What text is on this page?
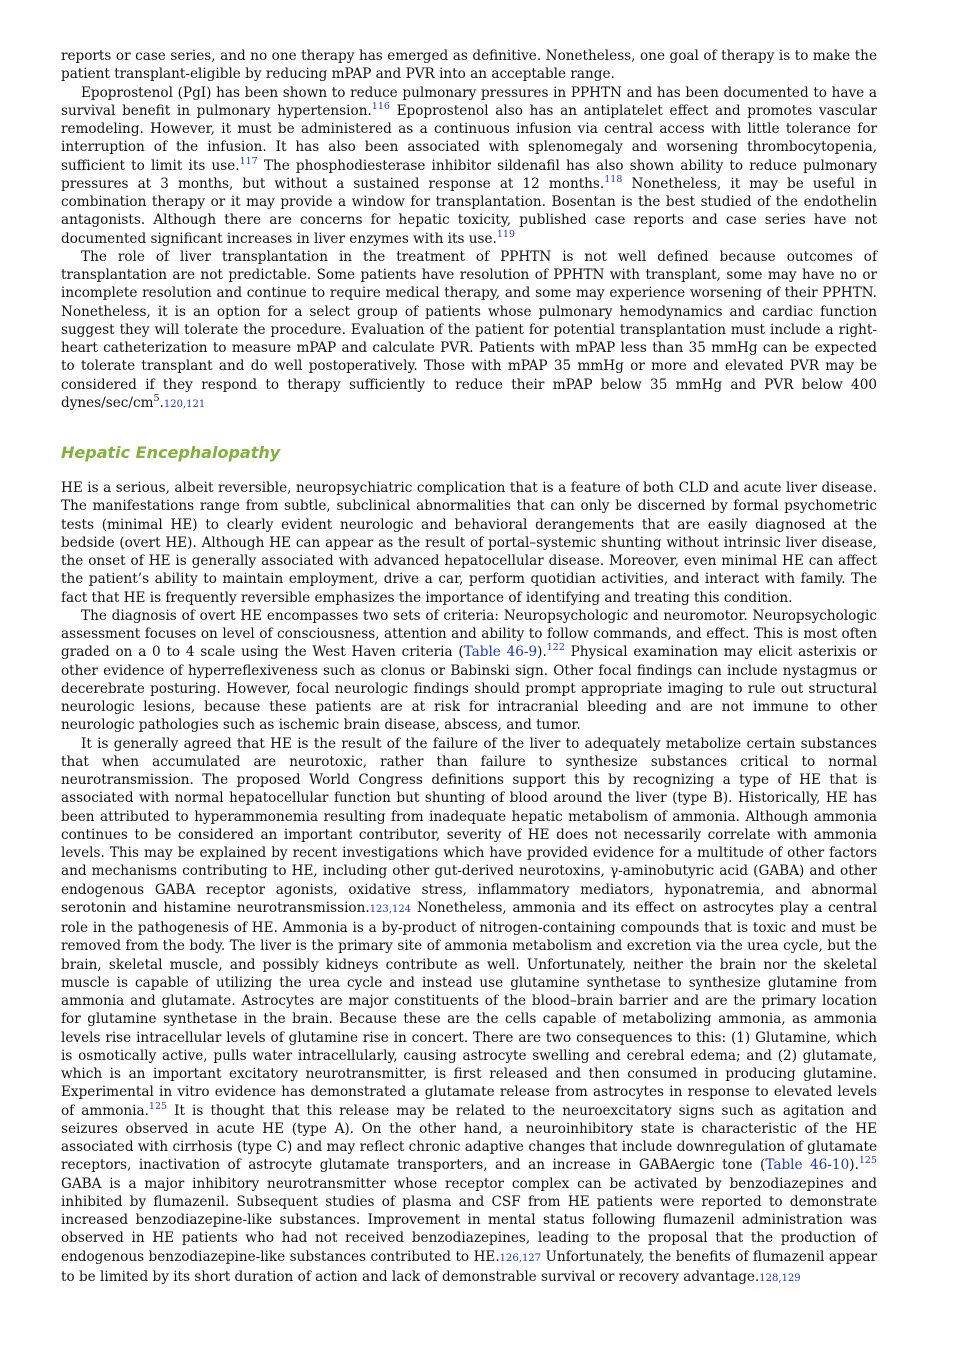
reports or case series, and no one therapy has emerged as definitive. Nonetheless, one goal of therapy is to make the patient transplant-eligible by reducing mPAP and PVR into an acceptable range.

Epoprostenol (PgI) has been shown to reduce pulmonary pressures in PPHTN and has been documented to have a survival benefit in pulmonary hypertension.$^{116}$ Epoprostenol also has an antiplatelet effect and promotes vascular remodeling. However, it must be administered as a continuous infusion via central access with little tolerance for interruption of the infusion. It has also been associated with splenomegaly and worsening thrombocytopenia, sufficient to limit its use.$^{117}$ The phosphodiesterase inhibitor sildenafil has also shown ability to reduce pulmonary pressures at 3 months, but without a sustained response at 12 months.$^{118}$ Nonetheless, it may be useful in combination therapy or it may provide a window for transplantation. Bosentan is the best studied of the endothelin antagonists. Although there are concerns for hepatic toxicity, published case reports and case series have not documented significant increases in liver enzymes with its use.$^{119}$

The role of liver transplantation in the treatment of PPHTN is not well defined because outcomes of transplantation are not predictable. Some patients have resolution of PPHTN with transplant, some may have no or incomplete resolution and continue to require medical therapy, and some may experience worsening of their PPHTN. Nonetheless, it is an option for a select group of patients whose pulmonary hemodynamics and cardiac function suggest they will tolerate the procedure. Evaluation of the patient for potential transplantation must include a right-heart catheterization to measure mPAP and calculate PVR. Patients with mPAP less than 35 mmHg can be expected to tolerate transplant and do well postoperatively. Those with mPAP 35 mmHg or more and elevated PVR may be considered if they respond to therapy sufficiently to reduce their mPAP below 35 mmHg and PVR below 400 dynes/$\sec/cm^5.120,121$

Hepatic Encephalopathy

HE is a serious, albeit reversible, neuropsychiatric complication that is a feature of both CLD and acute liver disease. The manifestations range from subtle, subclinical abnormalities that can only be discerned by formal psychometric tests (minimal HE) to clearly evident neurologic and behavioral derangements that are easily diagnosed at the bedside (overt HE). Although HE can appear as the result of portal–systemic shunting without intrinsic liver disease, the onset of HE is generally associated with advanced hepatocellular disease. Moreover, even minimal HE can affect the patient’s ability to maintain employment, drive a car, perform quotidian activities, and interact with family. The fact that HE is frequently reversible emphasizes the importance of identifying and treating this condition.

The diagnosis of overt HE encompasses two sets of criteria: Neuropsychologic and neuromotor. Neuropsychologic assessment focuses on level of consciousness, attention and ability to follow commands, and effect. This is most often graded on a 0 to 4 scale using the West Haven criteria (Table 46-9).$^{122}$ Physical examination may elicit asterixis or other evidence of hyperreflexiveness such as clonus or Babinski sign. Other focal findings can include nystagmus or decerebrate posturing. However, focal neurologic findings should prompt appropriate imaging to rule out structural neurologic lesions, because these patients are at risk for intracranial bleeding and are not immune to other neurologic pathologies such as ischemic brain disease, abscess, and tumor.

It is generally agreed that HE is the result of the failure of the liver to adequately metabolize certain substances that when accumulated are neurotoxic, rather than failure to synthesize substances critical to normal neurotransmission. The proposed World Congress definitions support this by recognizing a type of HE that is associated with normal hepatocellular function but shunting of blood around the liver (type B). Historically, HE has been attributed to hyperammonemia resulting from inadequate hepatic metabolism of ammonia. Although ammonia continues to be considered an important contributor, severity of HE does not necessarily correlate with ammonia levels. This may be explained by recent investigations which have provided evidence for a multitude of other factors and mechanisms contributing to HE, including other gut-derived neurotoxins, γ-aminobutyric acid (GABA) and other endogenous GABA receptor agonists, oxidative stress, inflammatory mediators, hyponatremia, and abnormal serotonin and histamine neurotransmission.123,124 Nonetheless, ammonia and its effect on astrocytes play a central role in the pathogenesis of HE. Ammonia is a by-product of nitrogen-containing compounds that is toxic and must be removed from the body. The liver is the primary site of ammonia metabolism and excretion via the urea cycle, but the brain, skeletal muscle, and possibly kidneys contribute as well. Unfortunately, neither the brain nor the skeletal muscle is capable of utilizing the urea cycle and instead use glutamine synthetase to synthesize glutamine from ammonia and glutamate. Astrocytes are major constituents of the blood–brain barrier and are the primary location for glutamine synthetase in the brain. Because these are the cells capable of metabolizing ammonia, as ammonia levels rise intracellular levels of glutamine rise in concert. There are two consequences to this: (1) Glutamine, which is osmotically active, pulls water intracellularly, causing astrocyte swelling and cerebral edema; and (2) glutamate, which is an important excitatory neurotransmitter, is first released and then consumed in producing glutamine. Experimental in vitro evidence has demonstrated a glutamate release from astrocytes in response to elevated levels of ammonia.$^{125}$ It is thought that this release may be related to the neuroexcitatory signs such as agitation and seizures observed in acute HE (type A). On the other hand, a neuroinhibitory state is characteristic of the HE associated with cirrhosis (type C) and may reflect chronic adaptive changes that include downregulation of glutamate receptors, inactivation of astrocyte glutamate transporters, and an increase in GABAergic tone (Table 46-10).$^{125}$ GABA is a major inhibitory neurotransmitter whose receptor complex can be activated by benzodiazepines and inhibited by flumazenil. Subsequent studies of plasma and CSF from HE patients were reported to demonstrate increased benzodiazepine-like substances. Improvement in mental status following flumazenil administration was observed in HE patients who had not received benzodiazepines, leading to the proposal that the production of endogenous benzodiazepine-like substances contributed to HE.126,127 Unfortunately, the benefits of flumazenil appear to be limited by its short duration of action and lack of demonstrable survival or recovery advantage.128,129
